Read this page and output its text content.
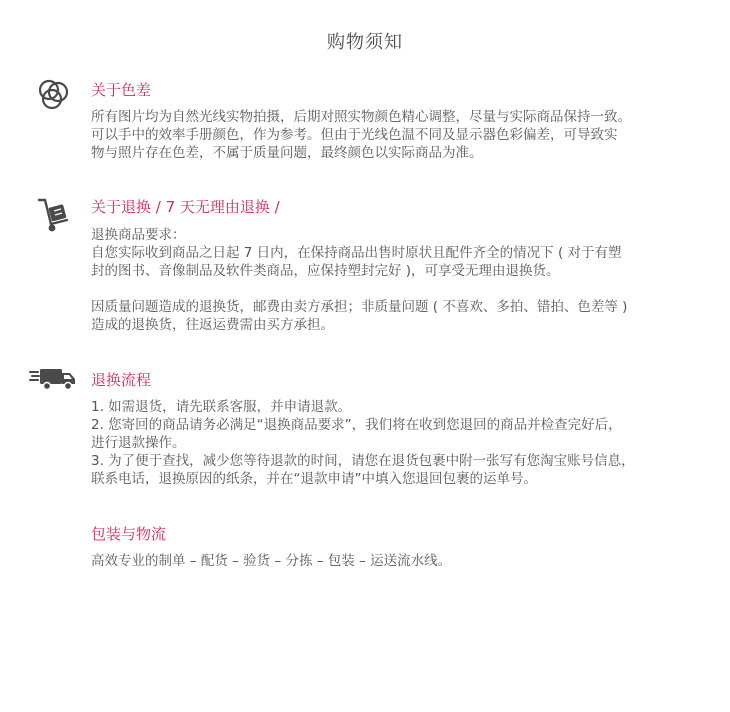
购物须知
关于色差
所有图片均为自然光线实物拍摄，后期对照实物颜色精心调整，尽量与实际商品保持一致。
可以手中的效率手册颜色，作为参考。但由于光线色温不同及显示器色彩偏差，可导致实
物与照片存在色差，不属于质量问题，最终颜色以实际商品为准。
关于退换 / 7 天无理由退换 /
退换商品要求：
自您实际收到商品之日起 7 日内，在保持商品出售时原状且配件齐全的情况下 ( 对于有塑
封的图书、音像制品及软件类商品，应保持塑封完好 )，可享受无理由退换货。
因质量问题造成的退换货，邮费由卖方承担；非质量问题 ( 不喜欢、多拍、错拍、色差等 )
造成的退换货，往返运费需由买方承担。
退换流程
1. 如需退货，请先联系客服，并申请退款。
2. 您寄回的商品请务必满足“退换商品要求”，我们将在收到您退回的商品并检查完好后，
进行退款操作。
3. 为了便于查找，减少您等待退款的时间，请您在退货包裹中附一张写有您淘宝账号信息，
联系电话，退换原因的纸条，并在“退款申请”中填入您退回包裹的运单号。
包装与物流
高效专业的制单 – 配货 – 验货 – 分拣 – 包装 – 运送流水线。
